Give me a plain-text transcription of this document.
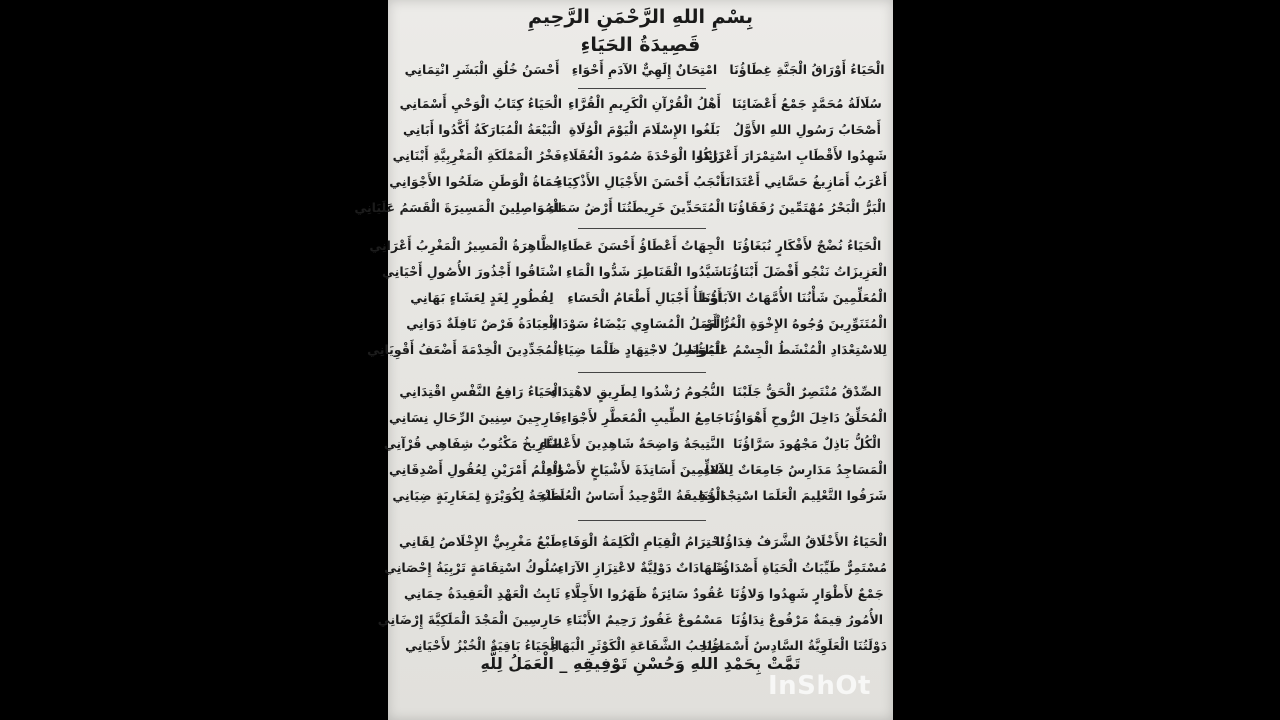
بِسْمِ اللهِ الرَّحْمَنِ الرَّحِيمِ
قَصِيدَةُ الحَيَاءِ
الْحَيَاءُ أَوْرَاقُ الْجَنَّةِ غِطَاؤُنَا
امْتِحَانٌ إِلَهِيٌّ الآدَمِ أَحْوَاءِ
أَحْسَنُ خُلُقِ الْبَشَرِ انْتِمَانِي
سُلَالَةُ مُحَمَّدٍ جَمْعُ أَعْضَائِنَا
أَهْلُ الْقُرْآنِ الْكَرِيمِ الْقُرَّاءِ
الْحَيَاءُ كِتَابُ الْوَحْيِ أَسْمَانِي
أَصْحَابُ رَسُولِ اللهِ الأَوَّلُ
بَلَغُوا الإِسْلَامَ الْيَوْمَ الْوُلَاةِ
الْبَيْعَةُ الْمُبَارَكَةُ أَكَّدُوا أَبَانِي
شَهِدُوا لأَقْطَابِ اسْتِمْرَارَ أَعْزَائِنَا
دَرَكُوا الْوَحْدَةَ صُمُودَ الْعُقَلَاءِ
فَخْرُ الْمَمْلَكَةِ الْمَغْرِبِيَّةِ أَبْنَانِي
أَعْرَبُ أَمَازِيغُ حَسَّانِي أَعْتَدَانَا
أَنْجَبُ أَحْسَنَ الأَجْيَالِ الأَذْكِيَاءِ
حُمَاةُ الْوَطَنِ صَلَحُوا الأَجْوَانِي
الْبَرُّ الْبَحْرُ مُهْتَمِّينَ رُفَقَاؤُنَا
الْمُتَحَدِّينَ خَرِيطَتُنَا أَرْضُ سَمَاءِ
الْمُوَاصِلِينَ الْمَسِيرَةَ الْقَسَمُ عَلَيَانِي
الْحَيَاءُ نُضْجٌ لأَفْكَارٍ نُبَغَاؤُنَا
الْجِهَاتُ أَعْطَاؤُ أَحْسَنَ عَطَاءِ
الظَّاهِرَةُ الْمَسِيرُ الْمَغْرِبُ أَعْرَانِي
الْعَزِيزَاتُ نَنْجُو أَفْضَلَ أَبْنَاؤُنَا
شَيَّدُوا الْقَنَاطِرَ شَدُّوا الْمَاءِ
اشْتَاقُوا أَجْذُورَ الأُصُولِ أَحْيَانِي
الْمُعَلِّمِينَ شَأْنُنَا الأُمَّهَاتُ الآبَاؤُنَا
أَوْطَأُ أَجْبَالِ أَطْعَامُ الْحَسَاءِ
لِفُطُورٍ لِغَدٍ لِعَشَاءٍ بَهَانِي
الْمُتَنَوِّرِينَ وُجُوهُ الإِخْوَةِ الْغُرُّ أَوْ
الْعَمَلُ الْمُسَاوِي بَيْضَاءُ سَوْدَاءِ
الْعِبَادَةُ فَرْضٌ نَافِلَةٌ دَوَانِي
لِلاسْتِعْدَادِ الْمُنْشَطُ الْجِسْمُ عَلَيَاؤُنَا
الْمُوَاصِلُ لاجْتِهَادٍ ظَلْمَا ضِيَاءِ
الْمُجَدِّدِينَ الْخِدْمَةَ أَضْعَفُ أَقْوِيَانِي
الصِّدْقُ مُنْتَصِرٌ الْحَقُّ جَلَبْنَا
النُّجُومُ رُشْدُوا لِطَرِيقٍ لاهْتِدَاءِ
الْحَيَاءُ رَافِعُ النَّفْسِ اقْتِدَانِي
الْمُحَلِّقُ دَاخِلَ الرُّوحِ أَهْوَاؤُنَا
جَامِعُ الطِّيبِ الْمُعَطَّرِ لأَجْوَاءِ
فَارِجِينَ سِنِينَ الرِّحَالِ نِسَانِي
الْكُلُّ بَاذِلٌ مَجْهُودَ سَرَّاؤُنَا
النَّتِيجَةُ وَاضِحَةٌ شَاهِدِينَ لأَعْضَاءِ
التَّارِيخُ مَكْتُوبٌ شِفَاهِي قُرْآنِي
الْمَسَاجِدُ مَدَارِسُ جَامِعَاتٌ لِلآلاءِ
مُعَلِّمِينَ أَسَاتِذَةَ لأَشْيَاخٍ لأَضْوَاءِ
الْعِلْمُ أَمْرَيْنِ لِعُقُولِ أَصْدِقَانِي
شَرَفُوا التَّعْلِيمَ الْعَلَمَا اسْتِجْدَاؤُنَا
الْحَقِيقَةُ التَّوْحِيدُ أَسَاسُ الْعُلَمَاءِ
طَنْجَةُ لِكُوَيْرَةٍ لِمَغَارِبَةٍ ضِيَانِي
الْحَيَاءُ الأَخْلَاقُ الشَّرَفُ فِدَاؤُنَا
احْتِرَامُ الْقِيَامِ الْكَلِمَةُ الْوَفَاءِ
طَبْعٌ مَغْرِبِيٌّ الإِخْلَاصُ لِقَانِي
مُسْتَمِرٌّ طَيِّبَاتُ الْحَيَاةِ أَصْدَاؤُنَا
شَهَادَاتٌ دَوْلِيَّةٌ لاعْتِزَازِ الآرَاءِ
سُلُوكُ اسْتِقَامَةٍ تَرْبِيَةُ إِحْصَانِي
جَمْعٌ لأَطْوَارٍ شَهِدُوا وَلاؤُنَا
عُقُودٌ سَائِرَةٌ ظَهَرُوا الأَجِلَّاءِ
ثَابِتُ الْعَهْدِ الْعَقِيدَةُ حِمَانِي
الأُمُورُ قِيمَةٌ مَرْفُوعٌ نِدَاؤُنَا
مَسْمُوعٌ غَفُورٌ رَحِيمٌ الأَبْنَاءِ
حَارِسِينَ الْمَجْدَ الْمَلَكِيَّةَ إِرْضَانِي
دَوْلَتُنَا الْعَلَوِيَّةُ السَّادِسُ أَسْمَاؤُنَا
صَاحِبُ الشَّفَاعَةِ الْكَوْثَرِ الْبَهَاءِ
الْحَيَاءُ بَاقِيَةٌ الْخُبْزُ لأَحْيَانِي
تَمَّتْ بِحَمْدِ اللهِ وَحُسْنِ تَوْفِيقِهِ _ الْعَمَلُ لِلَّهِ
InShOt
